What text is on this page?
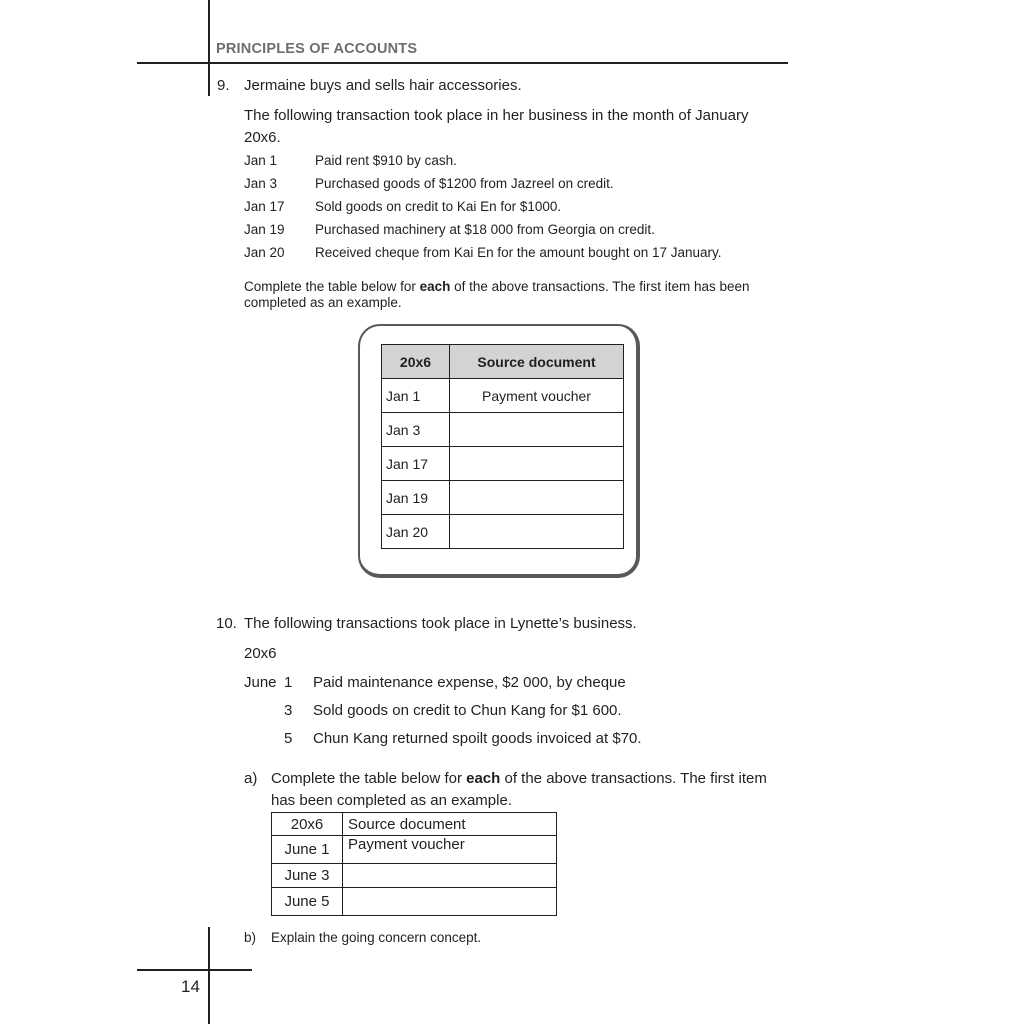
PRINCIPLES OF ACCOUNTS
9. Jermaine buys and sells hair accessories.
The following transaction took place in her business in the month of January
20x6.
Jan 1	Paid rent $910 by cash.
Jan 3	Purchased goods of $1200 from Jazreel on credit.
Jan 17 Sold goods on credit to Kai En for $1000.
Jan 19 Purchased machinery at $18 000 from Georgia on credit.
Jan 20 Received cheque from Kai En for the amount bought on 17 January.
Complete the table below for each of the above transactions. The first item has been
completed as an example.
20x6	Source document
Jan 1	Payment voucher
Jan 3	
Jan 17	
Jan 19	
Jan 20	
10. The following transactions took place in Lynette’s business.
20x6
June 1 Paid maintenance expense, $2 000, by cheque
3 Sold goods on credit to Chun Kang for $1 600.
5 Chun Kang returned spoilt goods invoiced at $70.
a) Complete the table below for each of the above transactions. The first item
has been completed as an example.
20x6	Source document
June 1	Payment voucher
June 3	
June 5	
b) Explain the going concern concept.
14
